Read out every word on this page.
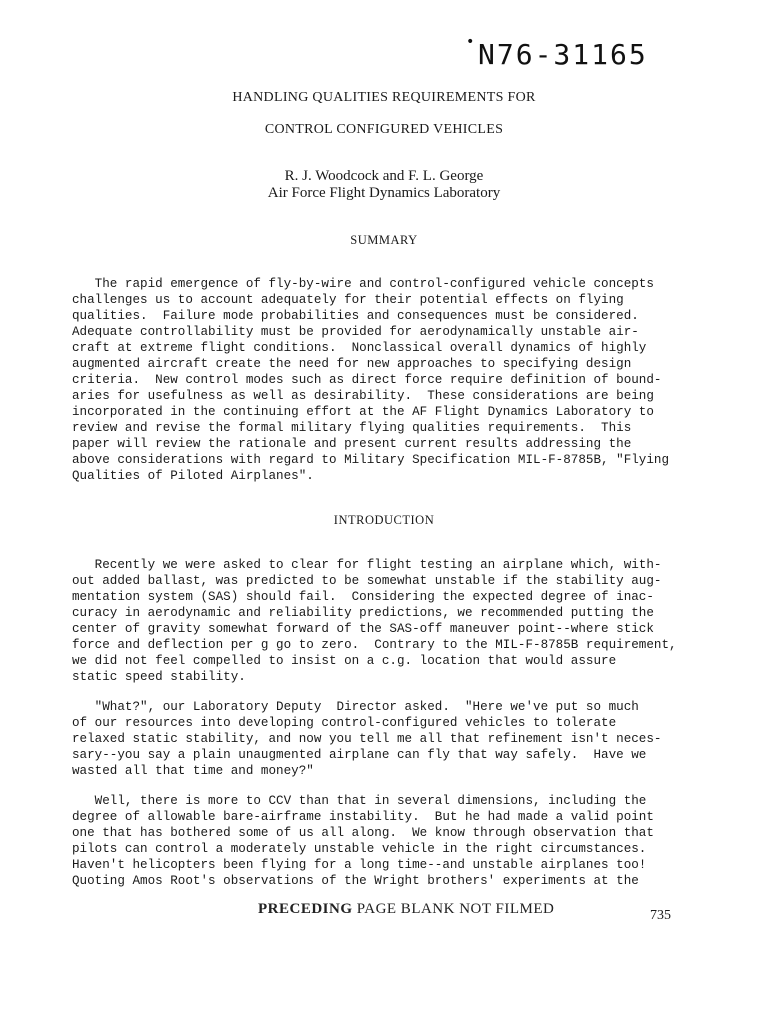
• N76-31165
HANDLING QUALITIES REQUIREMENTS FOR
CONTROL CONFIGURED VEHICLES
R. J. Woodcock and F. L. George
Air Force Flight Dynamics Laboratory
SUMMARY
The rapid emergence of fly-by-wire and control-configured vehicle concepts
challenges us to account adequately for their potential effects on flying
qualities.  Failure mode probabilities and consequences must be considered.
Adequate controllability must be provided for aerodynamically unstable air-
craft at extreme flight conditions.  Nonclassical overall dynamics of highly
augmented aircraft create the need for new approaches to specifying design
criteria.  New control modes such as direct force require definition of bound-
aries for usefulness as well as desirability.  These considerations are being
incorporated in the continuing effort at the AF Flight Dynamics Laboratory to
review and revise the formal military flying qualities requirements.  This
paper will review the rationale and present current results addressing the
above considerations with regard to Military Specification MIL-F-8785B, "Flying
Qualities of Piloted Airplanes".
INTRODUCTION
Recently we were asked to clear for flight testing an airplane which, with-
out added ballast, was predicted to be somewhat unstable if the stability aug-
mentation system (SAS) should fail.  Considering the expected degree of inac-
curacy in aerodynamic and reliability predictions, we recommended putting the
center of gravity somewhat forward of the SAS-off maneuver point--where stick
force and deflection per g go to zero.  Contrary to the MIL-F-8785B requirement,
we did not feel compelled to insist on a c.g. location that would assure
static speed stability.
"What?", our Laboratory Deputy  Director asked.  "Here we've put so much
of our resources into developing control-configured vehicles to tolerate
relaxed static stability, and now you tell me all that refinement isn't neces-
sary--you say a plain unaugmented airplane can fly that way safely.  Have we
wasted all that time and money?"
Well, there is more to CCV than that in several dimensions, including the
degree of allowable bare-airframe instability.  But he had made a valid point
one that has bothered some of us all along.  We know through observation that
pilots can control a moderately unstable vehicle in the right circumstances.
Haven't helicopters been flying for a long time--and unstable airplanes too!
Quoting Amos Root's observations of the Wright brothers' experiments at the
PRECEDING PAGE BLANK NOT FILMED	735
